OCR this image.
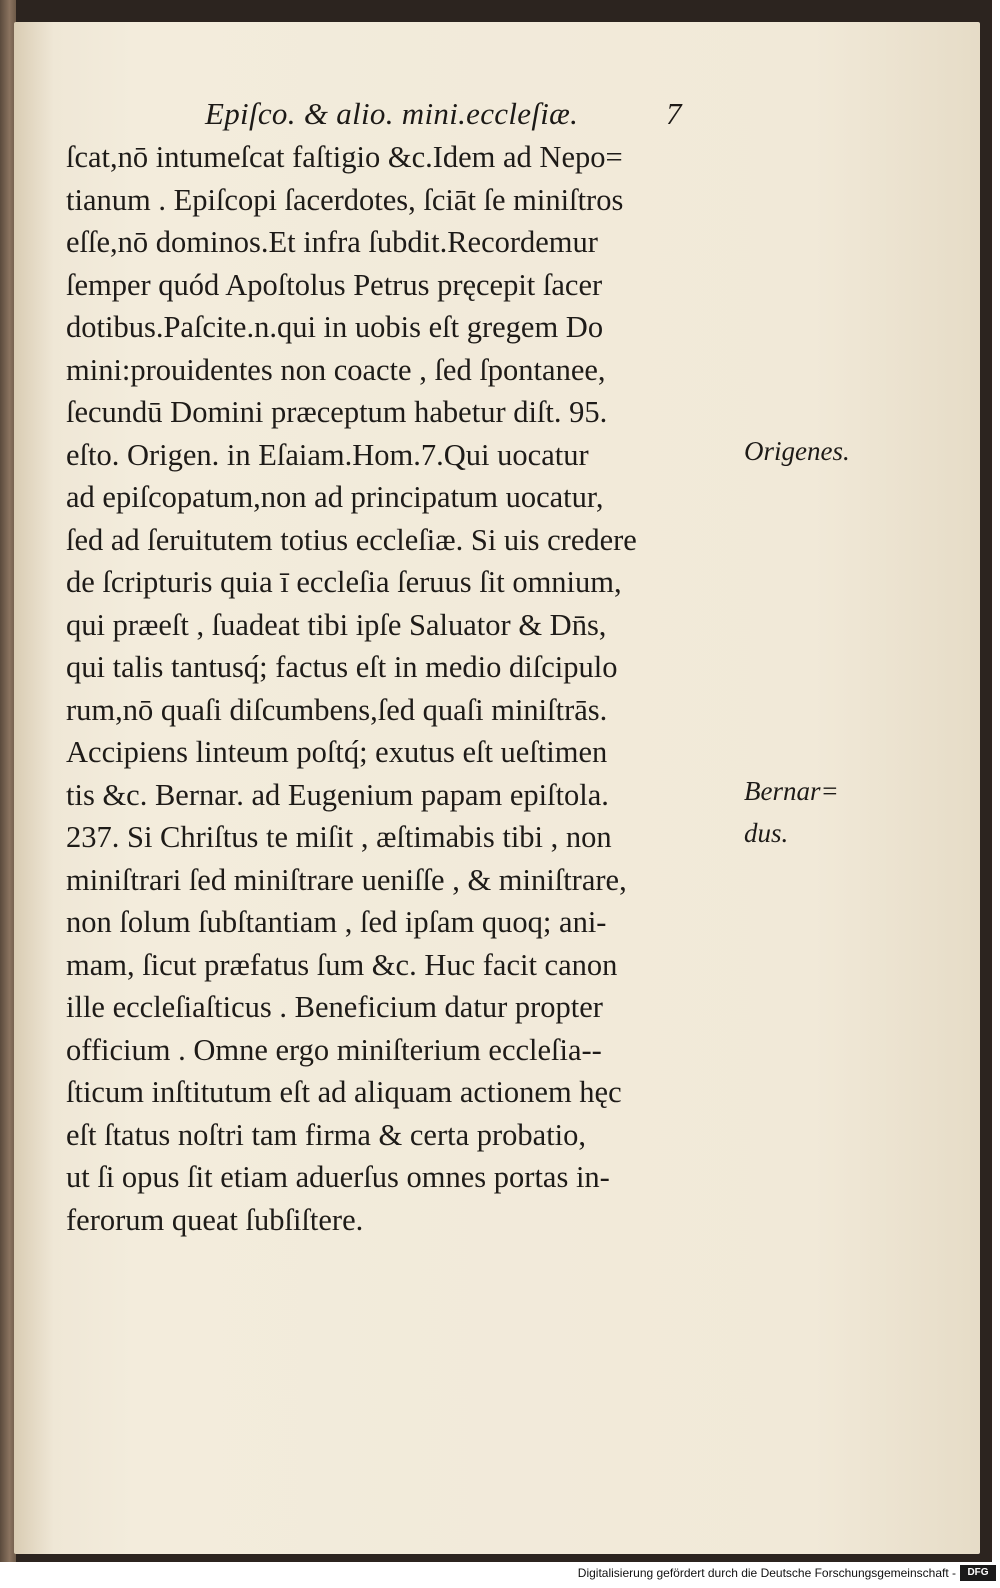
Epiſco. & alio. mini.eccleſiæ.	7
ſcat,nō intumeſcat faſtigio &c.Idem ad Nepo=
tianum . Epiſcopi ſacerdotes, ſciāt ſe miniſtros
eſſe,nō dominos.Et infra ſubdit.Recordemur
ſemper quód Apoſtolus Petrus pręcepit ſacer
dotibus.Paſcite.n.qui in uobis eſt gregem Do
mini:prouidentes non coacte , ſed ſpontanee,
ſecundū Domini præceptum habetur diſt. 95.
eſto. Origen. in Eſaiam.Hom.7.Qui uocatur
ad epiſcopatum,non ad principatum uocatur,
ſed ad ſeruitutem totius eccleſiæ. Si uis credere
de ſcripturis quia ī eccleſia ſeruus ſit omnium,
qui præeſt , ſuadeat tibi ipſe Saluator & Dn̄s,
qui talis tantusq́; factus eſt in medio diſcipulo
rum,nō quaſi diſcumbens,ſed quaſi miniſtrās.
Accipiens linteum poſtq́; exutus eſt ueſtimen
tis &c. Bernar. ad Eugenium papam epiſtola.
237. Si Chriſtus te miſit , æſtimabis tibi , non
miniſtrari ſed miniſtrare ueniſſe , & miniſtrare,
non ſolum ſubſtantiam , ſed ipſam quoq; ani-
mam, ſicut præfatus ſum &c. Huc facit canon
ille eccleſiaſticus . Beneficium datur propter
officium . Omne ergo miniſterium eccleſia--
ſticum inſtitutum eſt ad aliquam actionem hęc
eſt ſtatus noſtri tam firma & certa probatio,
ut ſi opus ſit etiam aduerſus omnes portas in-
ferorum queat ſubſiſtere.
Origenes.
Bernar=
dus.
Digitalisierung gefördert durch die Deutsche Forschungsgemeinschaft -	DFG
